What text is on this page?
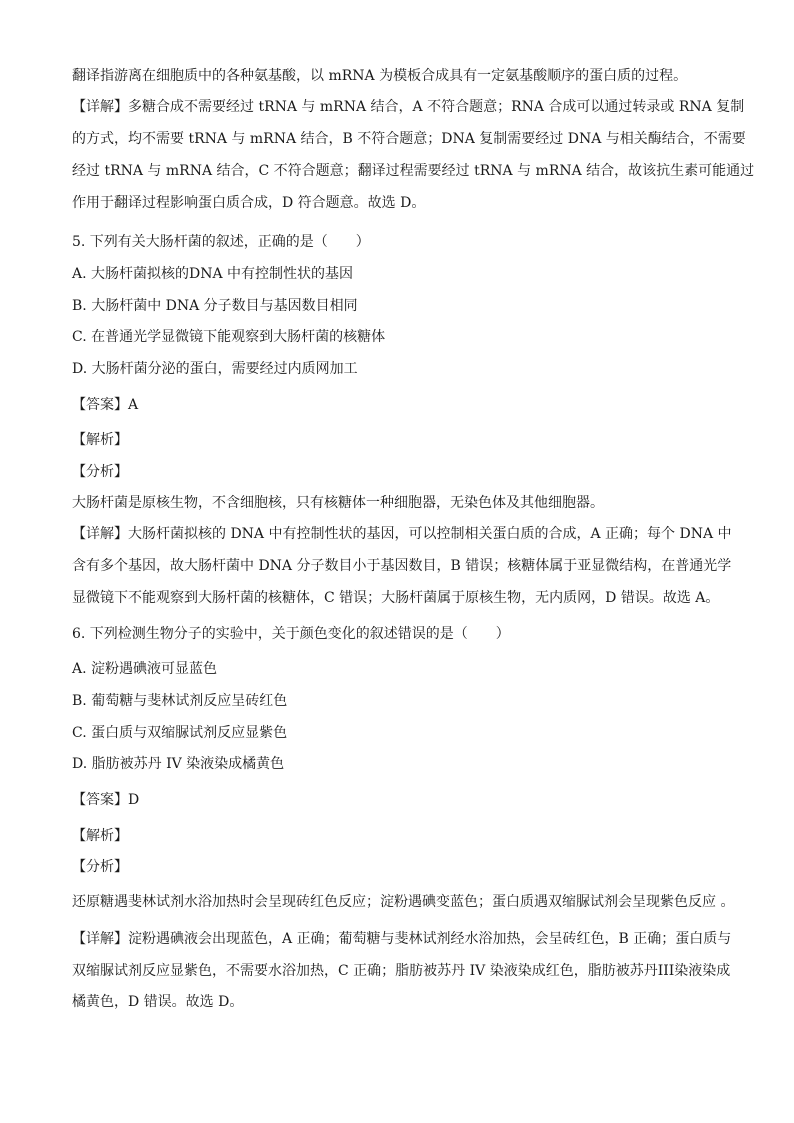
翻译指游离在细胞质中的各种氨基酸，以 mRNA 为模板合成具有一定氨基酸顺序的蛋白质的过程。
【详解】多糖合成不需要经过 tRNA 与 mRNA 结合，A 不符合题意；RNA 合成可以通过转录或 RNA 复制
的方式，均不需要 tRNA 与 mRNA 结合，B 不符合题意；DNA 复制需要经过 DNA 与相关酶结合，不需要
经过 tRNA 与 mRNA 结合，C 不符合题意；翻译过程需要经过 tRNA 与 mRNA 结合，故该抗生素可能通过
作用于翻译过程影响蛋白质合成，D 符合题意。故选 D。
5. 下列有关大肠杆菌的叙述，正确的是（　　）
A. 大肠杆菌拟核的DNA 中有控制性状的基因
B. 大肠杆菌中 DNA 分子数目与基因数目相同
C. 在普通光学显微镜下能观察到大肠杆菌的核糖体
D. 大肠杆菌分泌的蛋白，需要经过内质网加工
【答案】A
【解析】
【分析】
大肠杆菌是原核生物，不含细胞核，只有核糖体一种细胞器，无染色体及其他细胞器。
【详解】大肠杆菌拟核的 DNA 中有控制性状的基因，可以控制相关蛋白质的合成，A 正确；每个 DNA 中
含有多个基因，故大肠杆菌中 DNA 分子数目小于基因数目，B 错误；核糖体属于亚显微结构，在普通光学
显微镜下不能观察到大肠杆菌的核糖体，C 错误；大肠杆菌属于原核生物，无内质网，D 错误。故选 A。
6. 下列检测生物分子的实验中，关于颜色变化的叙述错误的是（　　）
A. 淀粉遇碘液可显蓝色
B. 葡萄糖与斐林试剂反应呈砖红色
C. 蛋白质与双缩脲试剂反应显紫色
D. 脂肪被苏丹 IV 染液染成橘黄色
【答案】D
【解析】
【分析】
还原糖遇斐林试剂水浴加热时会呈现砖红色反应；淀粉遇碘变蓝色；蛋白质遇双缩脲试剂会呈现紫色反应 。
【详解】淀粉遇碘液会出现蓝色，A 正确；葡萄糖与斐林试剂经水浴加热，会呈砖红色，B 正确；蛋白质与
双缩脲试剂反应显紫色，不需要水浴加热，C 正确；脂肪被苏丹 IV 染液染成红色，脂肪被苏丹III染液染成
橘黄色，D 错误。故选 D。
